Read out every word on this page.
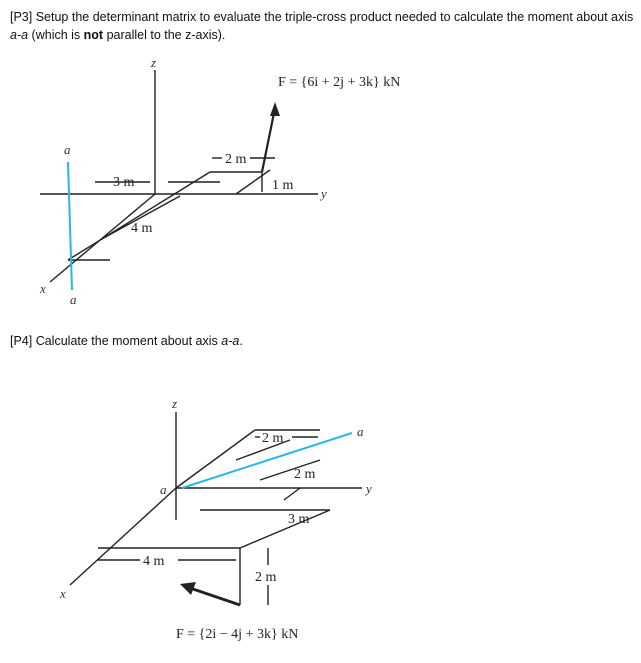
[P3] Setup the determinant matrix to evaluate the triple-cross product needed to calculate the moment about axis a-a (which is not parallel to the z-axis).
[P4] Calculate the moment about axis a-a.
F = {6i + 2j + 3k} kN
2 m
3 m	1 m
4 m
z
y
x
a
a
2 m
2 m
3 m
4 m
2 m
F = {2i − 4j + 3k} kN
z
y
x
a
a
